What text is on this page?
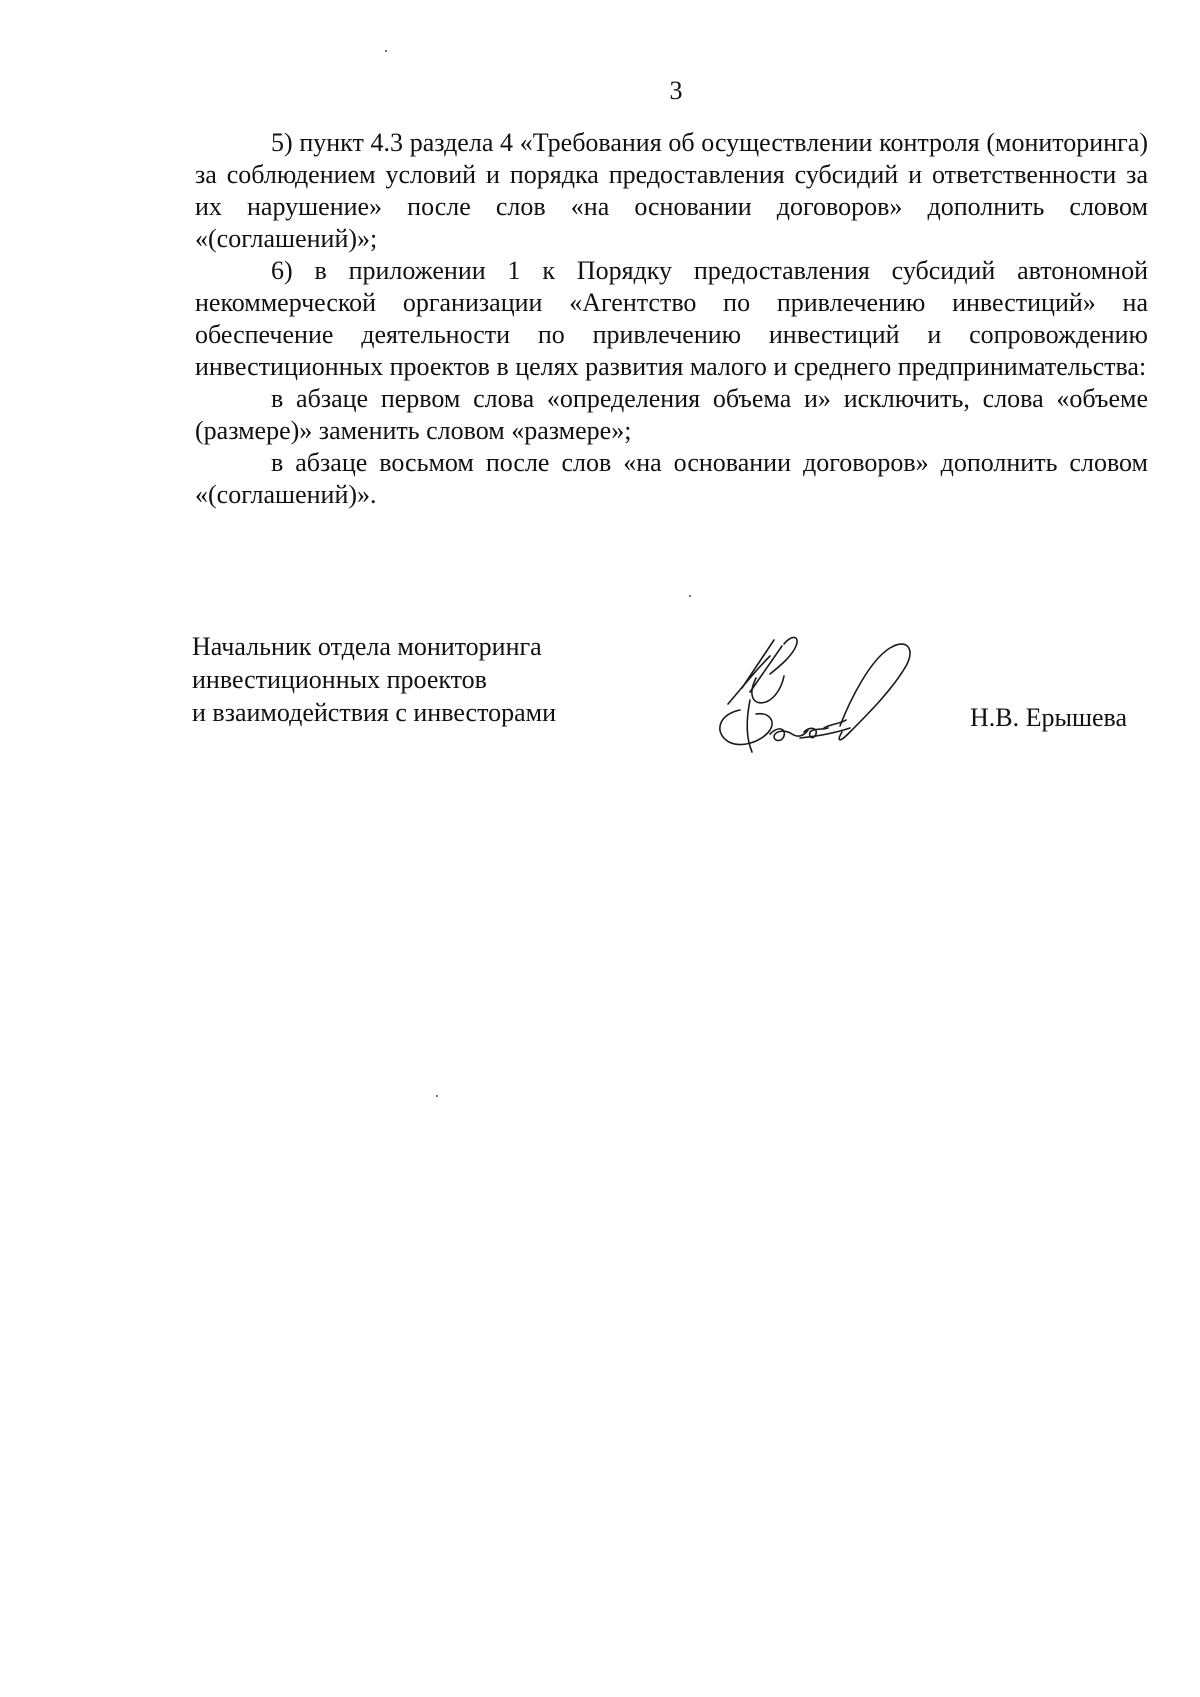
3

5) пункт 4.3 раздела 4 «Требования об осуществлении контроля (мониторинга) за соблюдением условий и порядка предоставления субсидий и ответственности за их нарушение» после слов «на основании договоров» дополнить словом «(соглашений)»;

6) в приложении 1 к Порядку предоставления субсидий автономной некоммерческой организации «Агентство по привлечению инвестиций» на обеспечение деятельности по привлечению инвестиций и сопровождению инвестиционных проектов в целях развития малого и среднего предпринимательства:

в абзаце первом слова «определения объема и» исключить, слова «объеме (размере)» заменить словом «размере»;

в абзаце восьмом после слов «на основании договоров» дополнить словом «(соглашений)».

Начальник отдела мониторинга
инвестиционных проектов
и взаимодействия с инвесторами	Н.В. Ерышева
